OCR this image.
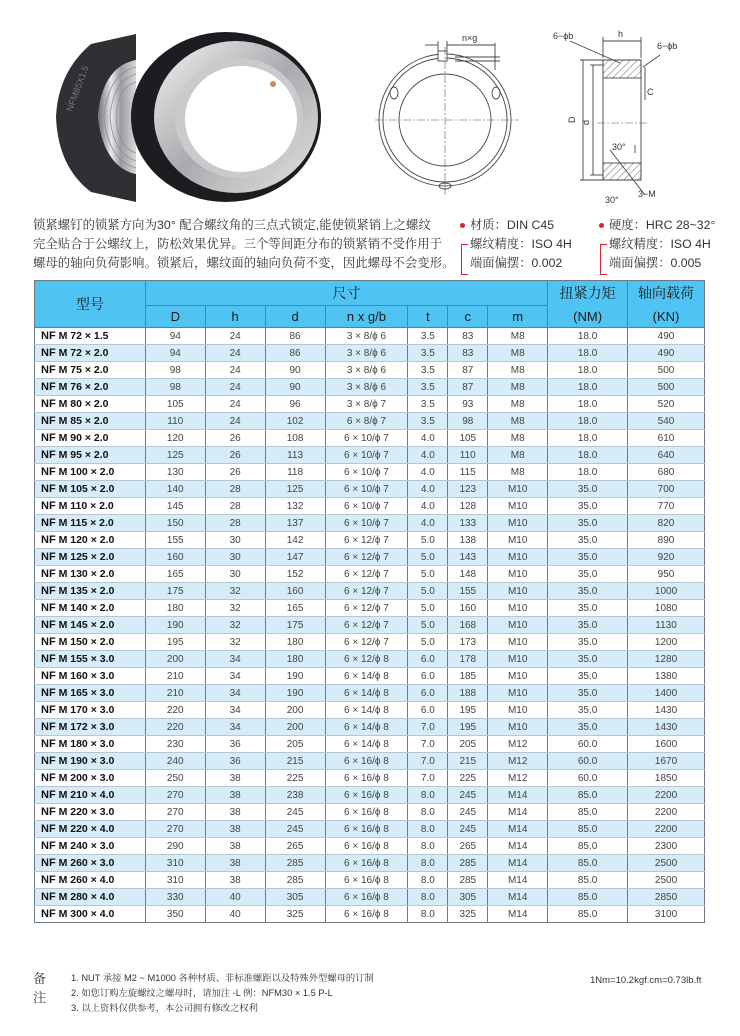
NFM85X1.5
n×g	6−ϕb
6−ϕb
h
C
D d
30°
30°
3−M
锁紧螺钉的锁紧方向为30° 配合螺纹角的三点式锁定,能使锁紧销上之螺纹
完全贴合于公螺纹上，防松效果优异。三个等间距分布的锁紧销不受作用于
螺母的轴向负荷影响。锁紧后，螺纹面的轴向负荷不变，因此螺母不会变形。
材质：DIN C45	硬度：HRC 28~32°
螺纹精度：ISO 4H	螺纹精度：ISO 4H
端面偏摆：0.002	端面偏摆：0.005
型号	尺寸							扭紧力矩	轴向载荷
	D	h	d	n x g/b	t	c	m	(NM)	(KN)
NF M 72 × 1.5	94	24	86	3 × 8/ϕ 6	3.5	83	M8	18.0	490
NF M 72 × 2.0	94	24	86	3 × 8/ϕ 6	3.5	83	M8	18.0	490
NF M 75 × 2.0	98	24	90	3 × 8/ϕ 6	3.5	87	M8	18.0	500
NF M 76 × 2.0	98	24	90	3 × 8/ϕ 6	3.5	87	M8	18.0	500
NF M 80 × 2.0	105	24	96	3 × 8/ϕ 7	3.5	93	M8	18.0	520
NF M 85 × 2.0	110	24	102	6 × 8/ϕ 7	3.5	98	M8	18.0	540
NF M 90 × 2.0	120	26	108	6 × 10/ϕ 7	4.0	105	M8	18.0	610
NF M 95 × 2.0	125	26	113	6 × 10/ϕ 7	4.0	110	M8	18.0	640
NF M 100 × 2.0	130	26	118	6 × 10/ϕ 7	4.0	115	M8	18.0	680
NF M 105 × 2.0	140	28	125	6 × 10/ϕ 7	4.0	123	M10	35.0	700
NF M 110 × 2.0	145	28	132	6 × 10/ϕ 7	4.0	128	M10	35.0	770
NF M 115 × 2.0	150	28	137	6 × 10/ϕ 7	4.0	133	M10	35.0	820
NF M 120 × 2.0	155	30	142	6 × 12/ϕ 7	5.0	138	M10	35.0	890
NF M 125 × 2.0	160	30	147	6 × 12/ϕ 7	5.0	143	M10	35.0	920
NF M 130 × 2.0	165	30	152	6 × 12/ϕ 7	5.0	148	M10	35.0	950
NF M 135 × 2.0	175	32	160	6 × 12/ϕ 7	5.0	155	M10	35.0	1000
NF M 140 × 2.0	180	32	165	6 × 12/ϕ 7	5.0	160	M10	35.0	1080
NF M 145 × 2.0	190	32	175	6 × 12/ϕ 7	5.0	168	M10	35.0	1130
NF M 150 × 2.0	195	32	180	6 × 12/ϕ 7	5.0	173	M10	35.0	1200
NF M 155 × 3.0	200	34	180	6 × 12/ϕ 8	6.0	178	M10	35.0	1280
NF M 160 × 3.0	210	34	190	6 × 14/ϕ 8	6.0	185	M10	35.0	1380
NF M 165 × 3.0	210	34	190	6 × 14/ϕ 8	6.0	188	M10	35.0	1400
NF M 170 × 3.0	220	34	200	6 × 14/ϕ 8	6.0	195	M10	35.0	1430
NF M 172 × 3.0	220	34	200	6 × 14/ϕ 8	7.0	195	M10	35.0	1430
NF M 180 × 3.0	230	36	205	6 × 14/ϕ 8	7.0	205	M12	60.0	1600
NF M 190 × 3.0	240	36	215	6 × 16/ϕ 8	7.0	215	M12	60.0	1670
NF M 200 × 3.0	250	38	225	6 × 16/ϕ 8	7.0	225	M12	60.0	1850
NF M 210 × 4.0	270	38	238	6 × 16/ϕ 8	8.0	245	M14	85.0	2200
NF M 220 × 3.0	270	38	245	6 × 16/ϕ 8	8.0	245	M14	85.0	2200
NF M 220 × 4.0	270	38	245	6 × 16/ϕ 8	8.0	245	M14	85.0	2200
NF M 240 × 3.0	290	38	265	6 × 16/ϕ 8	8.0	265	M14	85.0	2300
NF M 260 × 3.0	310	38	285	6 × 16/ϕ 8	8.0	285	M14	85.0	2500
NF M 260 × 4.0	310	38	285	6 × 16/ϕ 8	8.0	285	M14	85.0	2500
NF M 280 × 4.0	330	40	305	6 × 16/ϕ 8	8.0	305	M14	85.0	2850
NF M 300 × 4.0	350	40	325	6 × 16/ϕ 8	8.0	325	M14	85.0	3100
备注
1. NUT 承接 M2 ~ M1000 各种材质、非标准螺距以及特殊外型螺母的订制
2. 如您订购左旋螺纹之螺母时，请加注 -L 例：NFM30 × 1.5 P-L
3. 以上资料仅供参考，本公司拥有修改之权利
1Nm=10.2kgf.cm=0.73lb.ft
